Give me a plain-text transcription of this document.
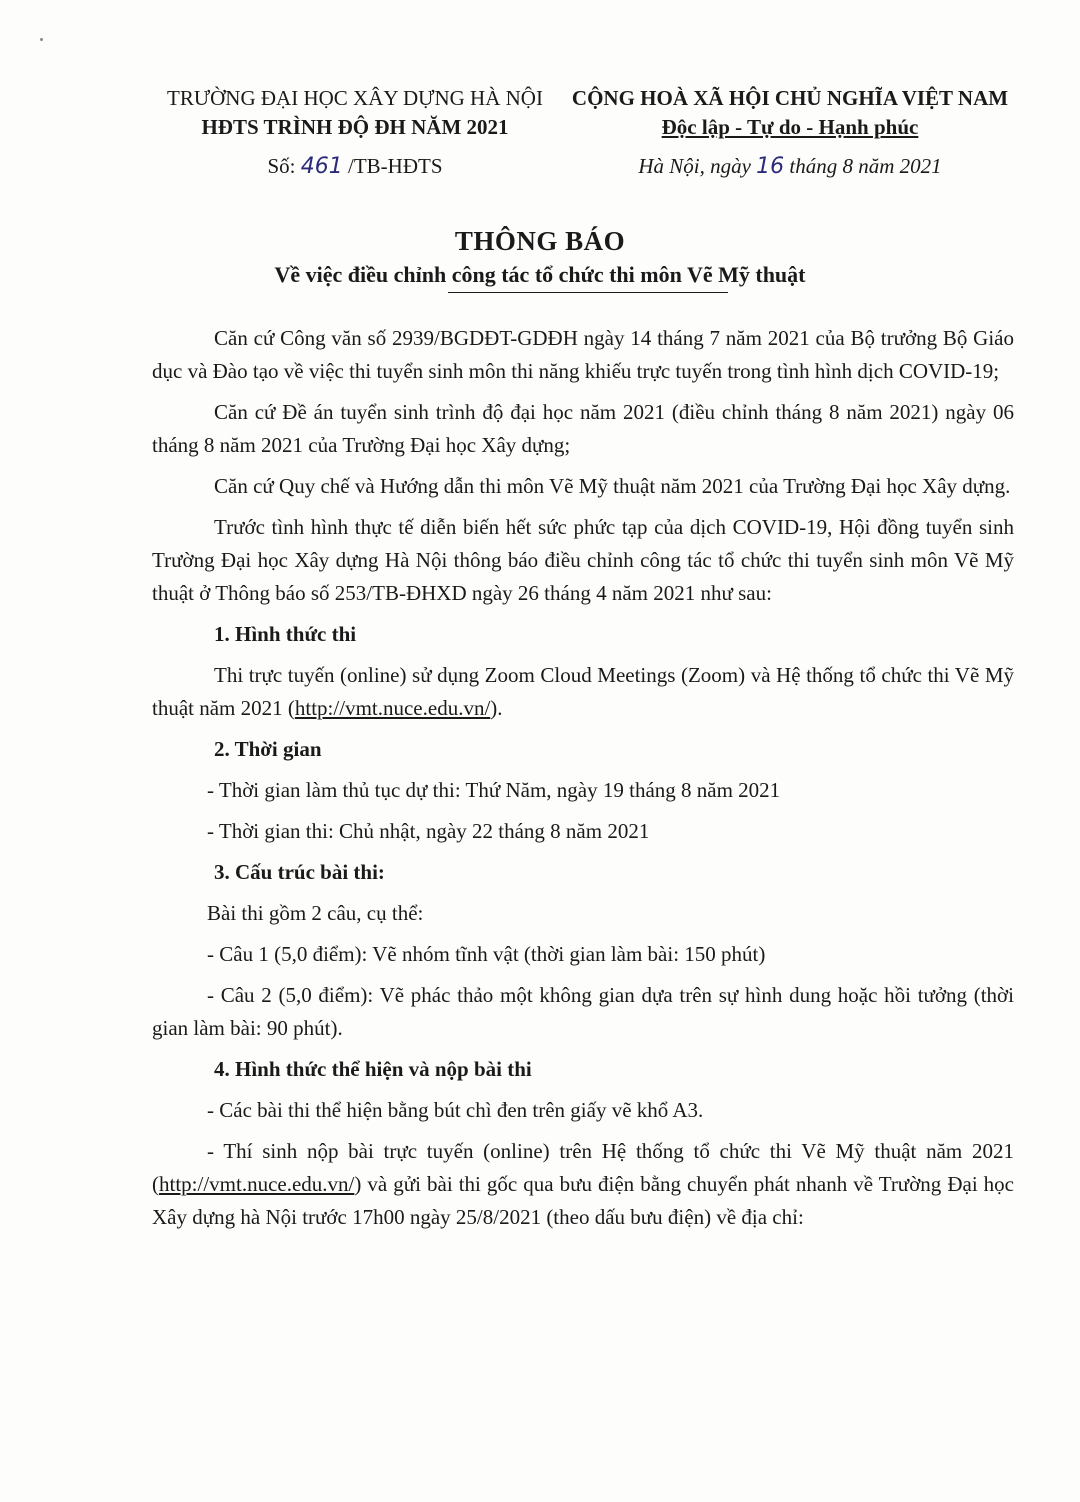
TRƯỜNG ĐẠI HỌC XÂY DỰNG HÀ NỘI
HĐTS TRÌNH ĐỘ ĐH NĂM 2021
Số: 461 /TB-HĐTS
CỘNG HOÀ XÃ HỘI CHỦ NGHĨA VIỆT NAM
Độc lập - Tự do - Hạnh phúc
Hà Nội, ngày 16 tháng 8 năm 2021
THÔNG BÁO
Về việc điều chỉnh công tác tổ chức thi môn Vẽ Mỹ thuật

Căn cứ Công văn số 2939/BGDĐT-GDĐH ngày 14 tháng 7 năm 2021 của Bộ trưởng Bộ Giáo dục và Đào tạo về việc thi tuyển sinh môn thi năng khiếu trực tuyến trong tình hình dịch COVID-19;

Căn cứ Đề án tuyển sinh trình độ đại học năm 2021 (điều chỉnh tháng 8 năm 2021) ngày 06 tháng 8 năm 2021 của Trường Đại học Xây dựng;

Căn cứ Quy chế và Hướng dẫn thi môn Vẽ Mỹ thuật năm 2021 của Trường Đại học Xây dựng.

Trước tình hình thực tế diễn biến hết sức phức tạp của dịch COVID-19, Hội đồng tuyển sinh Trường Đại học Xây dựng Hà Nội thông báo điều chỉnh công tác tổ chức thi tuyển sinh môn Vẽ Mỹ thuật ở Thông báo số 253/TB-ĐHXD ngày 26 tháng 4 năm 2021 như sau:

1. Hình thức thi

Thi trực tuyến (online) sử dụng Zoom Cloud Meetings (Zoom) và Hệ thống tổ chức thi Vẽ Mỹ thuật năm 2021 (http://vmt.nuce.edu.vn/).

2. Thời gian

- Thời gian làm thủ tục dự thi: Thứ Năm, ngày 19 tháng 8 năm 2021

- Thời gian thi: Chủ nhật, ngày 22 tháng 8 năm 2021

3. Cấu trúc bài thi:

Bài thi gồm 2 câu, cụ thể:

- Câu 1 (5,0 điểm): Vẽ nhóm tĩnh vật (thời gian làm bài: 150 phút)

- Câu 2 (5,0 điểm): Vẽ phác thảo một không gian dựa trên sự hình dung hoặc hồi tưởng (thời gian làm bài: 90 phút).

4. Hình thức thể hiện và nộp bài thi

- Các bài thi thể hiện bằng bút chì đen trên giấy vẽ khổ A3.

- Thí sinh nộp bài trực tuyến (online) trên Hệ thống tổ chức thi Vẽ Mỹ thuật năm 2021 (http://vmt.nuce.edu.vn/) và gửi bài thi gốc qua bưu điện bằng chuyển phát nhanh về Trường Đại học Xây dựng hà Nội trước 17h00 ngày 25/8/2021 (theo dấu bưu điện) về địa chỉ:
